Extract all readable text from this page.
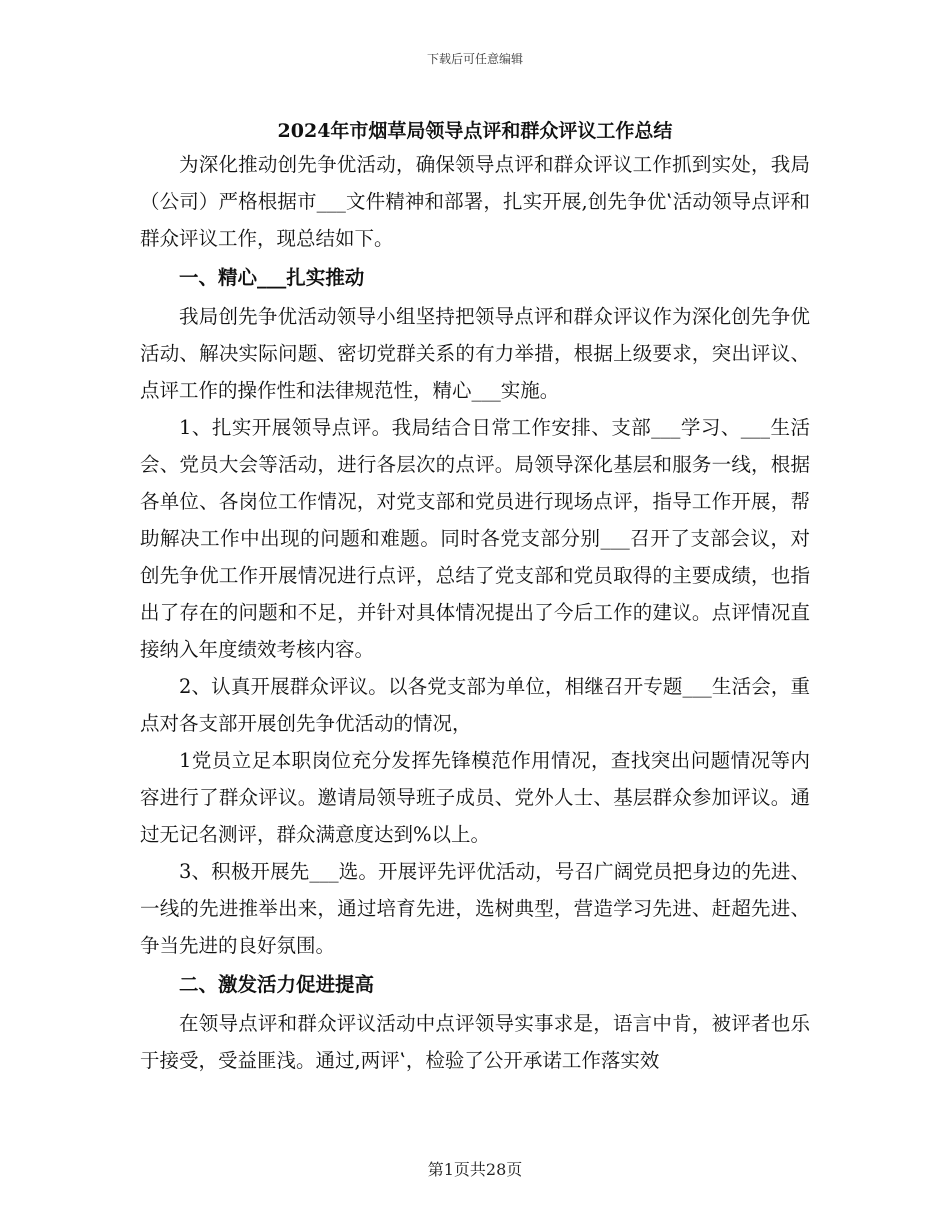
下载后可任意编辑
2024年市烟草局领导点评和群众评议工作总结

为深化推动创先争优活动，确保领导点评和群众评议工作抓到实处，我局（公司）严格根据市___文件精神和部署，扎实开展,创先争优‛活动领导点评和群众评议工作，现总结如下。

一、精心___扎实推动

我局创先争优活动领导小组坚持把领导点评和群众评议作为深化创先争优活动、解决实际问题、密切党群关系的有力举措，根据上级要求，突出评议、点评工作的操作性和法律规范性，精心___实施。

1、扎实开展领导点评。我局结合日常工作安排、支部___学习、___生活会、党员大会等活动，进行各层次的点评。局领导深化基层和服务一线，根据各单位、各岗位工作情况，对党支部和党员进行现场点评，指导工作开展，帮助解决工作中出现的问题和难题。同时各党支部分别___召开了支部会议，对创先争优工作开展情况进行点评，总结了党支部和党员取得的主要成绩，也指出了存在的问题和不足，并针对具体情况提出了今后工作的建议。点评情况直接纳入年度绩效考核内容。

2、认真开展群众评议。以各党支部为单位，相继召开专题___生活会，重点对各支部开展创先争优活动的情况，

1党员立足本职岗位充分发挥先锋模范作用情况，查找突出问题情况等内容进行了群众评议。邀请局领导班子成员、党外人士、基层群众参加评议。通过无记名测评，群众满意度达到%以上。

3、积极开展先___选。开展评先评优活动，号召广阔党员把身边的先进、一线的先进推举出来，通过培育先进，选树典型，营造学习先进、赶超先进、争当先进的良好氛围。

二、激发活力促进提高

在领导点评和群众评议活动中点评领导实事求是，语言中肯，被评者也乐于接受，受益匪浅。通过,两评‛，检验了公开承诺工作落实效

第1页共28页
